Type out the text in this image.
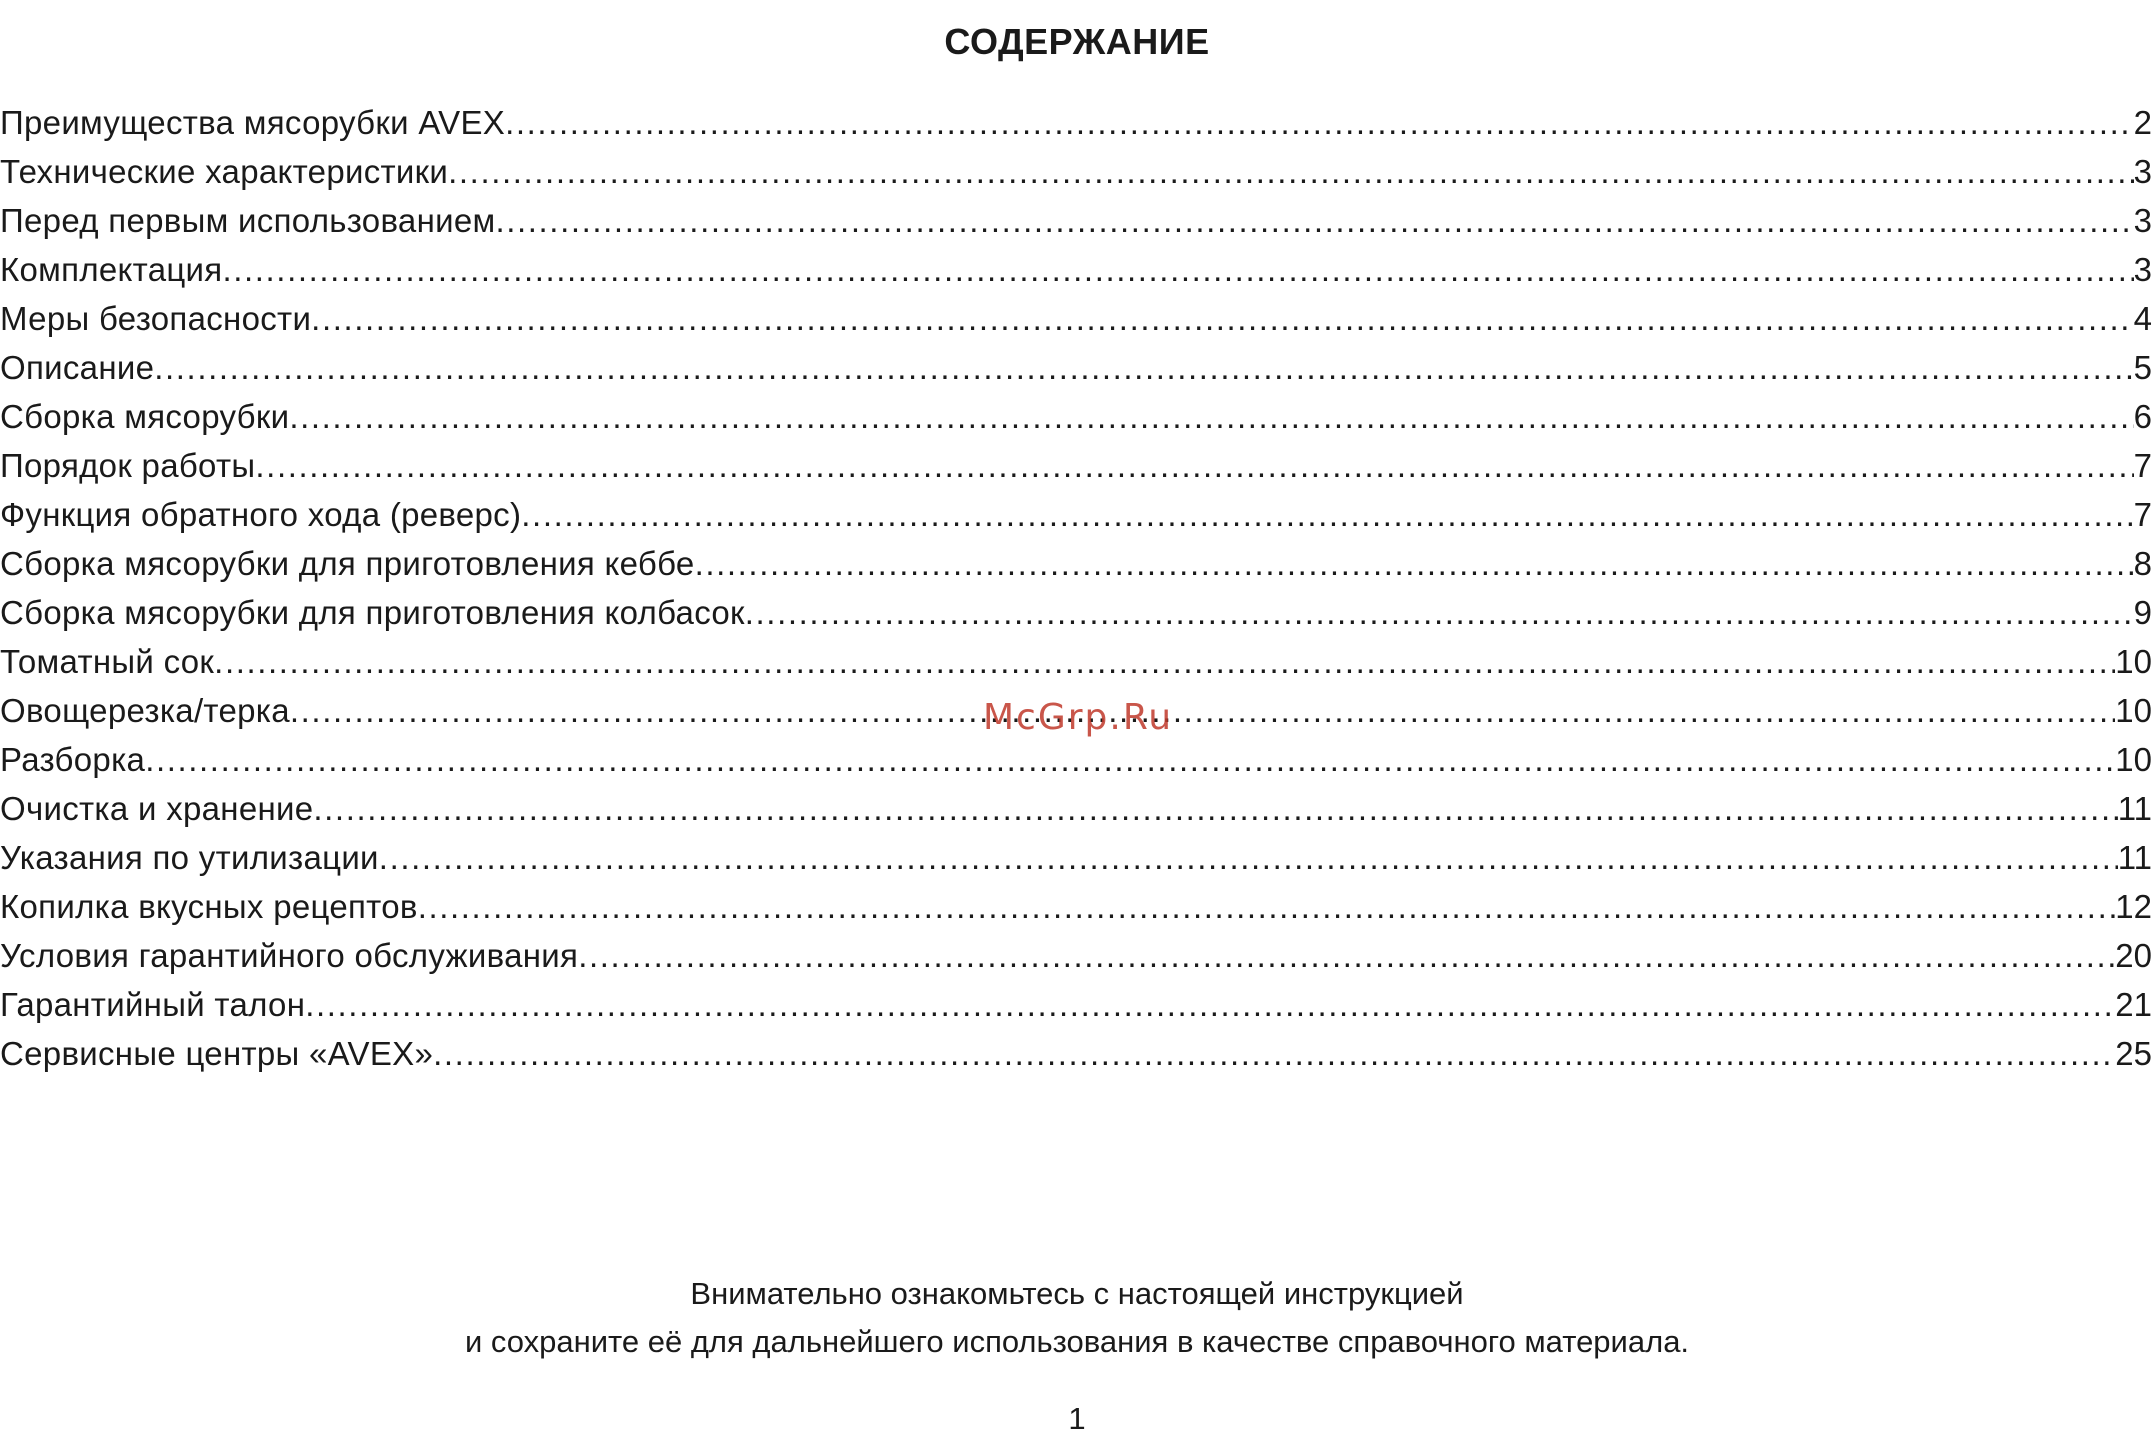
СОДЕРЖАНИЕ
Преимущества мясорубки AVEX .....	2
Технические характеристики .....	3
Перед первым использованием .....	3
Комплектация .....	3
Меры безопасности .....	4
Описание .....	5
Сборка мясорубки .....	6
Порядок работы .....	7
Функция обратного хода (реверс) .....	7
Сборка мясорубки для приготовления кеббе .....	8
Сборка мясорубки для приготовления колбасок .....	9
Томатный сок .....	10
Овощерезка/терка .....	10
Разборка .....	10
Очистка и хранение .....	11
Указания по утилизации .....	11
Копилка вкусных рецептов .....	12
Условия гарантийного обслуживания .....	20
Гарантийный талон .....	21
Сервисные центры «AVEX» .....	25
McGrp.Ru

Внимательно ознакомьтесь с настоящей инструкцией

и сохраните её для дальнейшего использования в качестве справочного материала.

1
